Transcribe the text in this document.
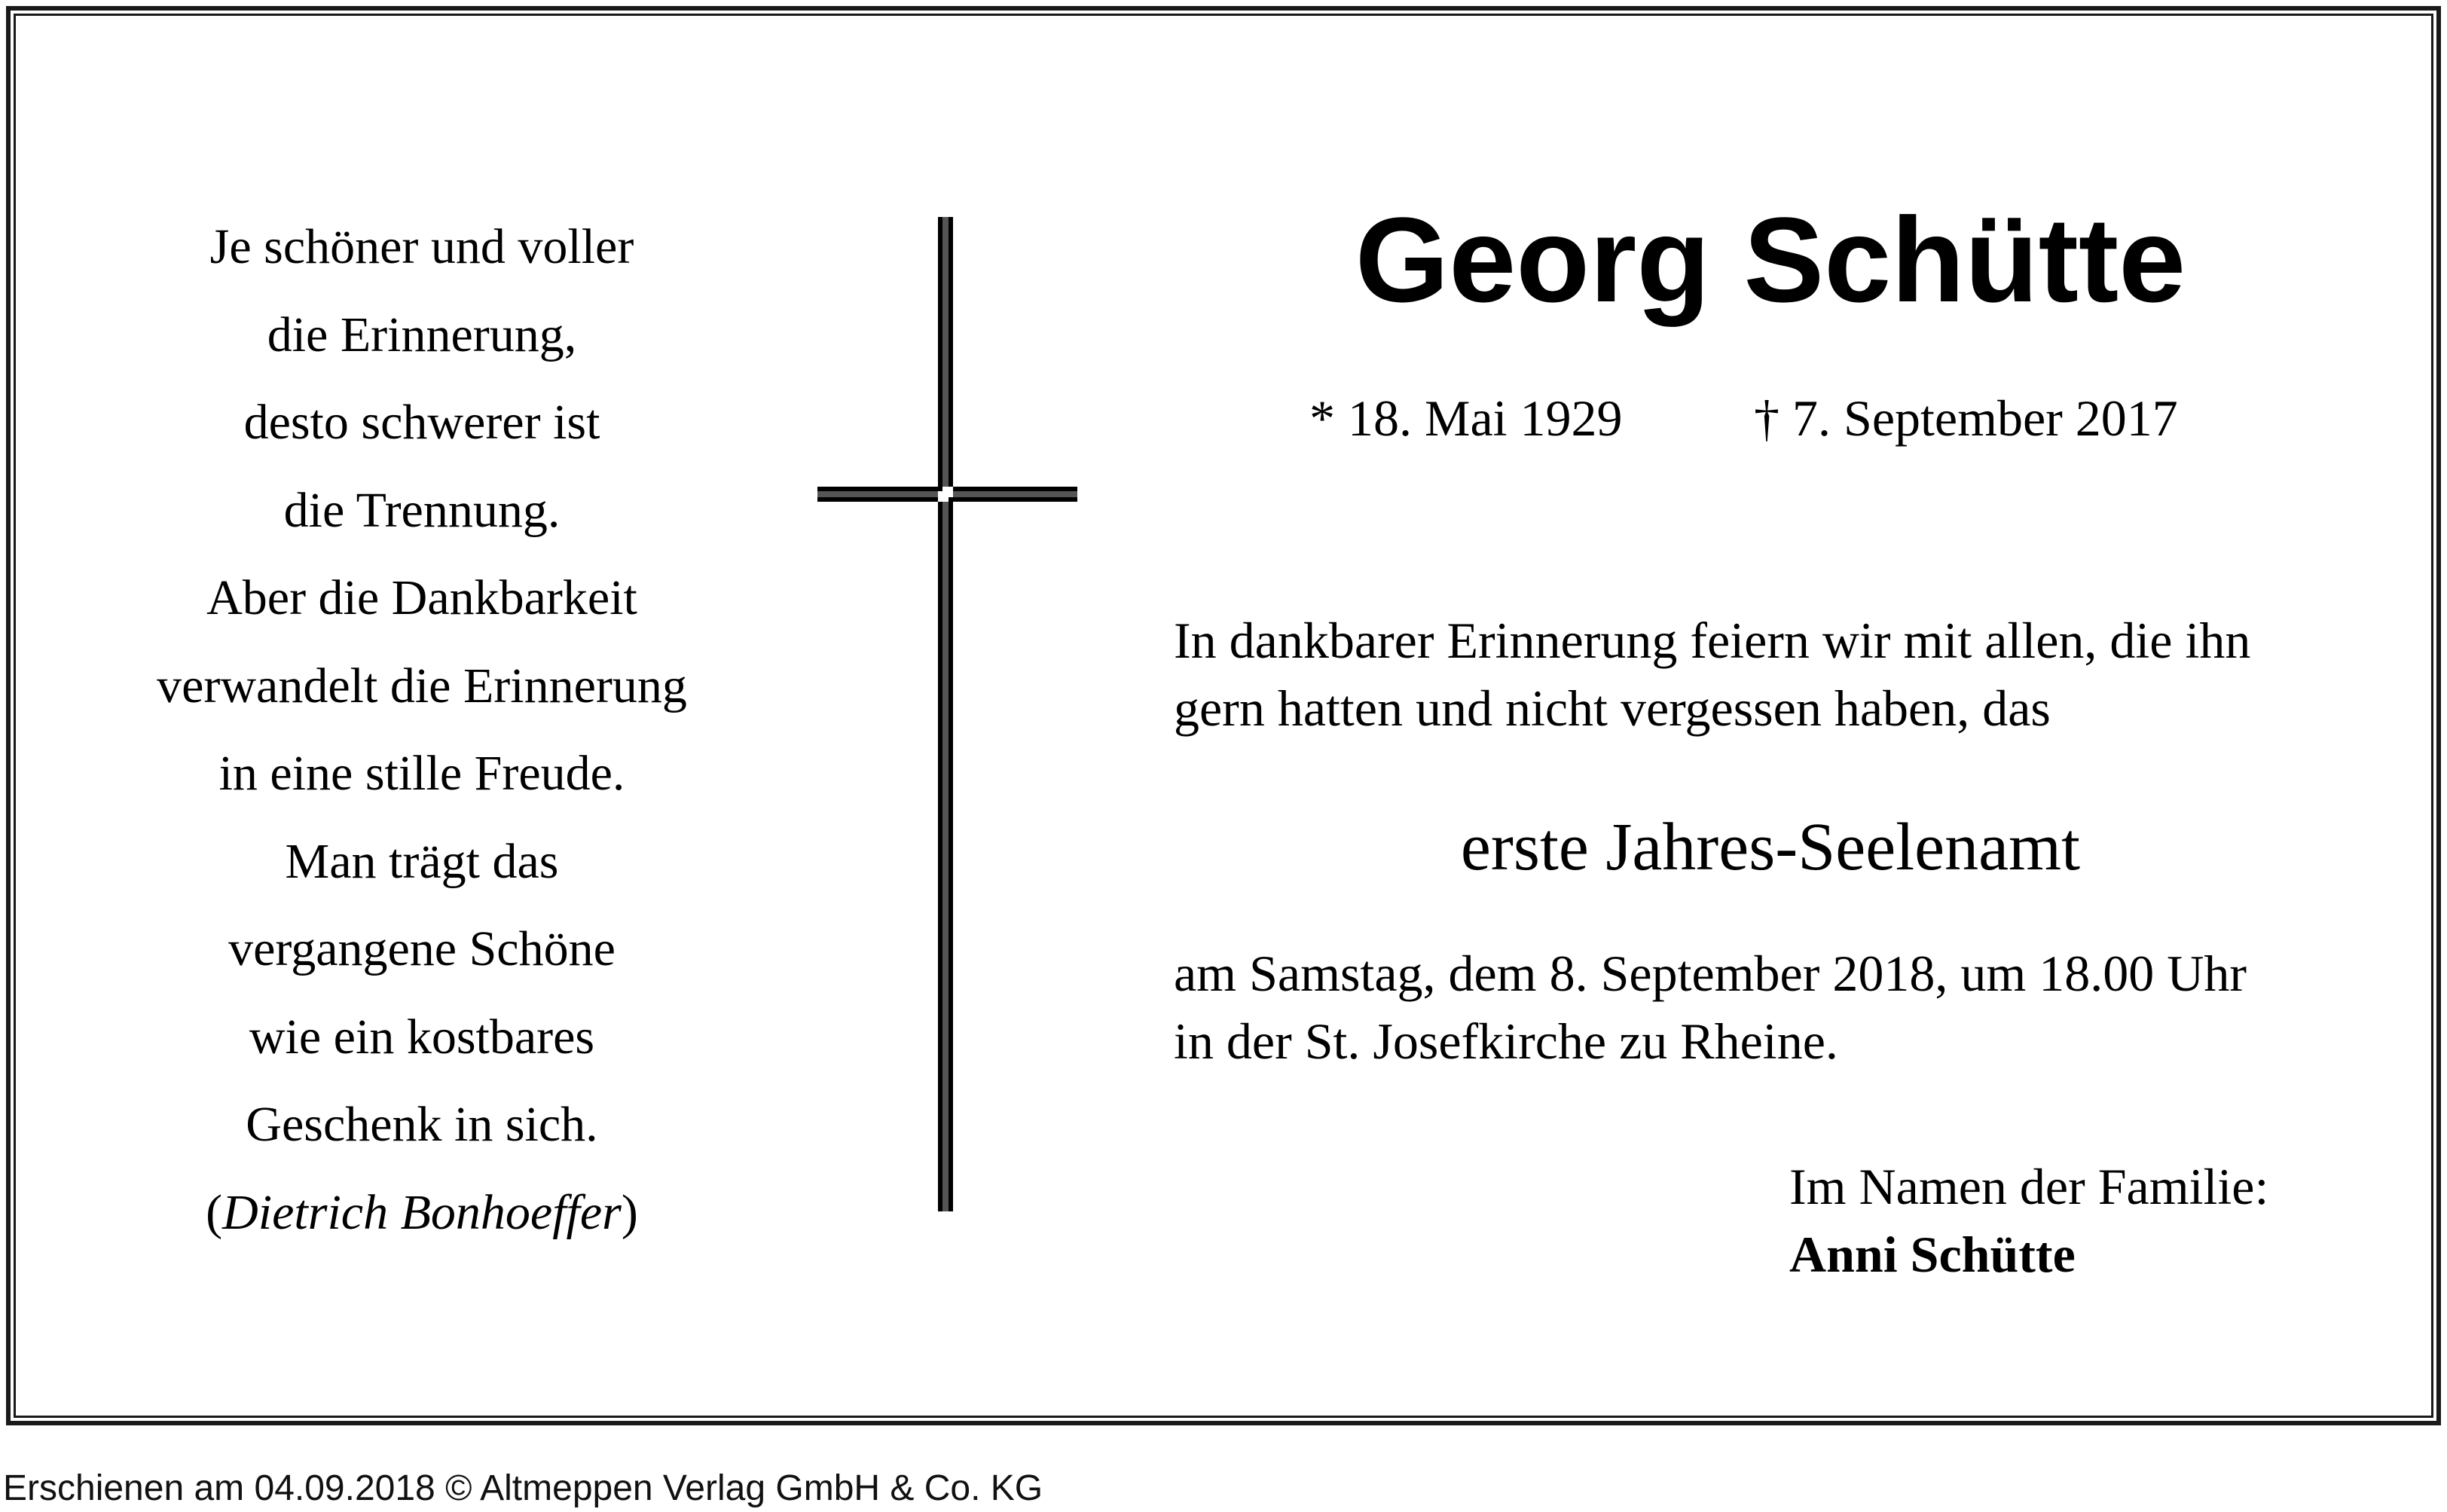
Je schöner und voller
die Erinnerung,
desto schwerer ist
die Trennung.
Aber die Dankbarkeit
verwandelt die Erinnerung
in eine stille Freude.
Man trägt das
vergangene Schöne
wie ein kostbares
Geschenk in sich.
(Dietrich Bonhoeffer)
Georg Schütte
* 18. Mai 1929	† 7. September 2017
In dankbarer Erinnerung feiern wir mit allen, die ihn
gern hatten und nicht vergessen haben, das
erste Jahres-Seelenamt
am Samstag, dem 8. September 2018, um 18.00 Uhr
in der St. Josefkirche zu Rheine.
Im Namen der Familie:
Anni Schütte
Erschienen am 04.09.2018 © Altmeppen Verlag GmbH & Co. KG
